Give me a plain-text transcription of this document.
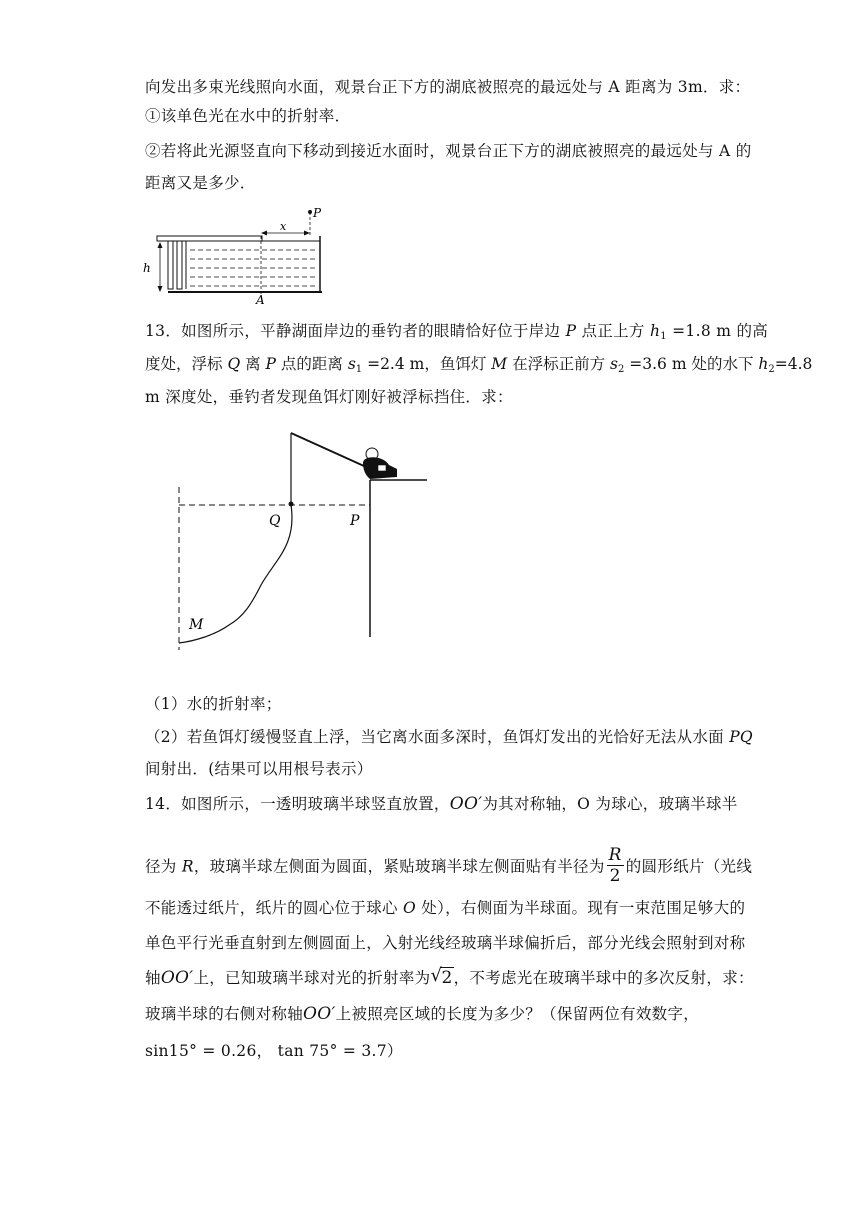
向发出多束光线照向水面，观景台正下方的湖底被照亮的最远处与 A 距离为 3m．求：
①该单色光在水中的折射率．
②若将此光源竖直向下移动到接近水面时，观景台正下方的湖底被照亮的最远处与 A 的
距离又是多少．
h
A
x
P
13．如图所示，平静湖面岸边的垂钓者的眼睛恰好位于岸边 P 点正上方 $h_1 =1.8$ m 的高
度处，浮标 Q 离 P 点的距离 $s_1 =2.4$ m，鱼饵灯 M 在浮标正前方 $s_2 =3.6$ m 处的水下 $h_2=4.8$
m 深度处，垂钓者发现鱼饵灯刚好被浮标挡住．求：
Q	P
M
（1）水的折射率；
（2）若鱼饵灯缓慢竖直上浮，当它离水面多深时，鱼饵灯发出的光恰好无法从水面 PQ
间射出．(结果可以用根号表示）
14．如图所示，一透明玻璃半球竖直放置，OO′为其对称轴，O 为球心，玻璃半球半
径为 R，玻璃半球左侧面为圆面，紧贴玻璃半球左侧面贴有半径为 $\frac{R}{2}$ 的圆形纸片（光线
不能透过纸片，纸片的圆心位于球心 O 处），右侧面为半球面。现有一束范围足够大的
单色平行光垂直射到左侧圆面上，入射光线经玻璃半球偏折后，部分光线会照射到对称
轴OO′上，已知玻璃半球对光的折射率为 √ 2，不考虑光在玻璃半球中的多次反射，求：
玻璃半球的右侧对称轴OO′上被照亮区域的长度为多少？（保留两位有效数字，
sin15° = 0.26， tan 75° = 3.7）
